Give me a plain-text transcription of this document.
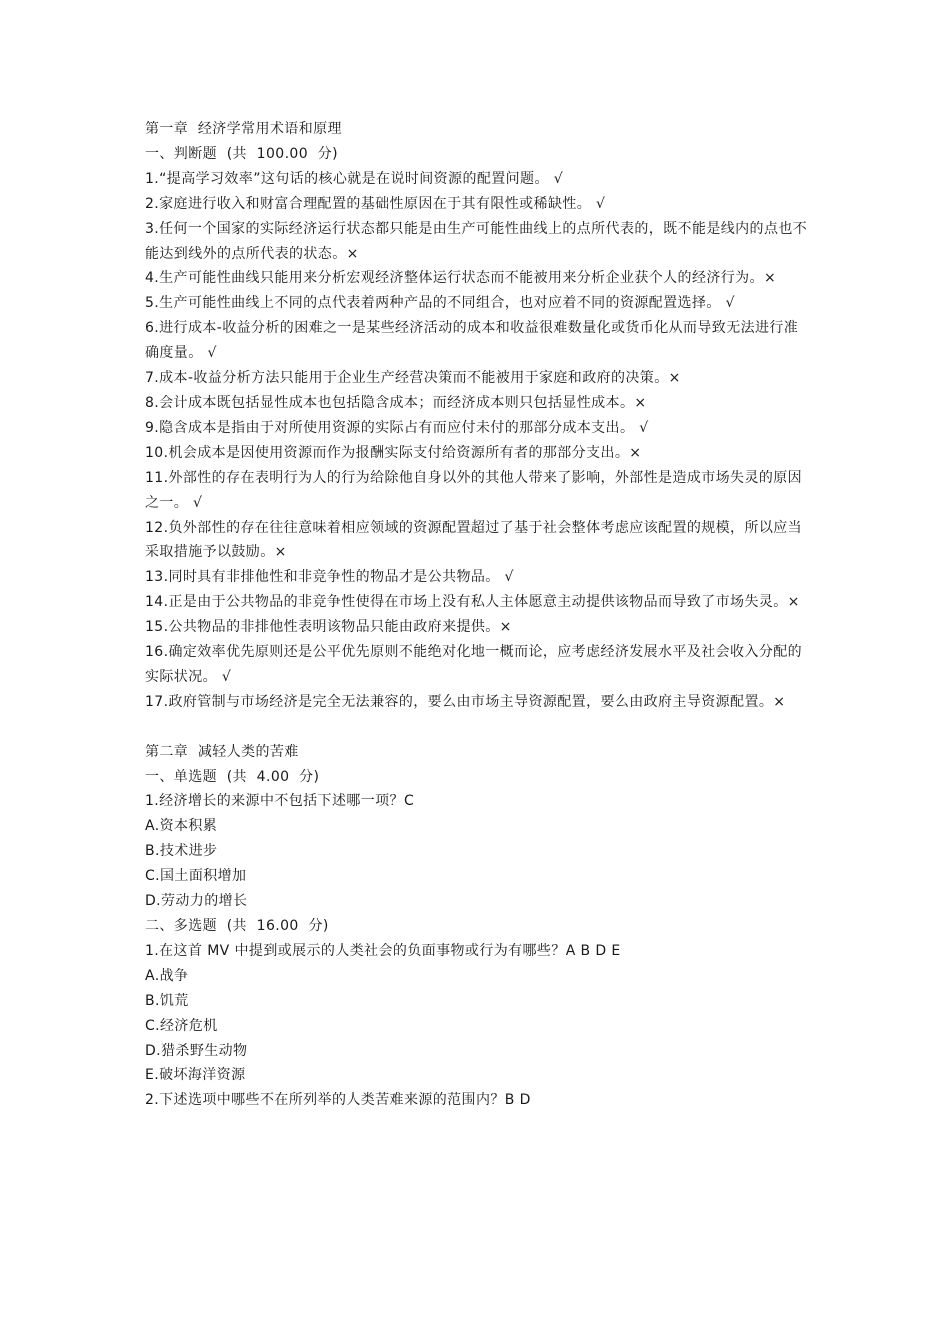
第一章  经济学常用术语和原理
一、判断题  (共  100.00  分)
1.“提高学习效率”这句话的核心就是在说时间资源的配置问题。 √
2.家庭进行收入和财富合理配置的基础性原因在于其有限性或稀缺性。 √
3.任何一个国家的实际经济运行状态都只能是由生产可能性曲线上的点所代表的，既不能是线内的点也不能达到线外的点所代表的状态。×
4.生产可能性曲线只能用来分析宏观经济整体运行状态而不能被用来分析企业获个人的经济行为。×
5.生产可能性曲线上不同的点代表着两种产品的不同组合，也对应着不同的资源配置选择。 √
6.进行成本-收益分析的困难之一是某些经济活动的成本和收益很难数量化或货币化从而导致无法进行准确度量。 √
7.成本-收益分析方法只能用于企业生产经营决策而不能被用于家庭和政府的决策。×
8.会计成本既包括显性成本也包括隐含成本；而经济成本则只包括显性成本。×
9.隐含成本是指由于对所使用资源的实际占有而应付未付的那部分成本支出。 √
10.机会成本是因使用资源而作为报酬实际支付给资源所有者的那部分支出。×
11.外部性的存在表明行为人的行为给除他自身以外的其他人带来了影响，外部性是造成市场失灵的原因之一。 √
12.负外部性的存在往往意味着相应领域的资源配置超过了基于社会整体考虑应该配置的规模，所以应当采取措施予以鼓励。×
13.同时具有非排他性和非竞争性的物品才是公共物品。 √
14.正是由于公共物品的非竞争性使得在市场上没有私人主体愿意主动提供该物品而导致了市场失灵。×
15.公共物品的非排他性表明该物品只能由政府来提供。×
16.确定效率优先原则还是公平优先原则不能绝对化地一概而论，应考虑经济发展水平及社会收入分配的实际状况。 √
17.政府管制与市场经济是完全无法兼容的，要么由市场主导资源配置，要么由政府主导资源配置。×
第二章  减轻人类的苦难
一、单选题  (共  4.00  分)
1.经济增长的来源中不包括下述哪一项？C
A.资本积累
B.技术进步
C.国土面积增加
D.劳动力的增长
二、多选题  (共  16.00  分)
1.在这首 MV 中提到或展示的人类社会的负面事物或行为有哪些？A B D E
A.战争
B.饥荒
C.经济危机
D.猎杀野生动物
E.破坏海洋资源
2.下述选项中哪些不在所列举的人类苦难来源的范围内？B D
